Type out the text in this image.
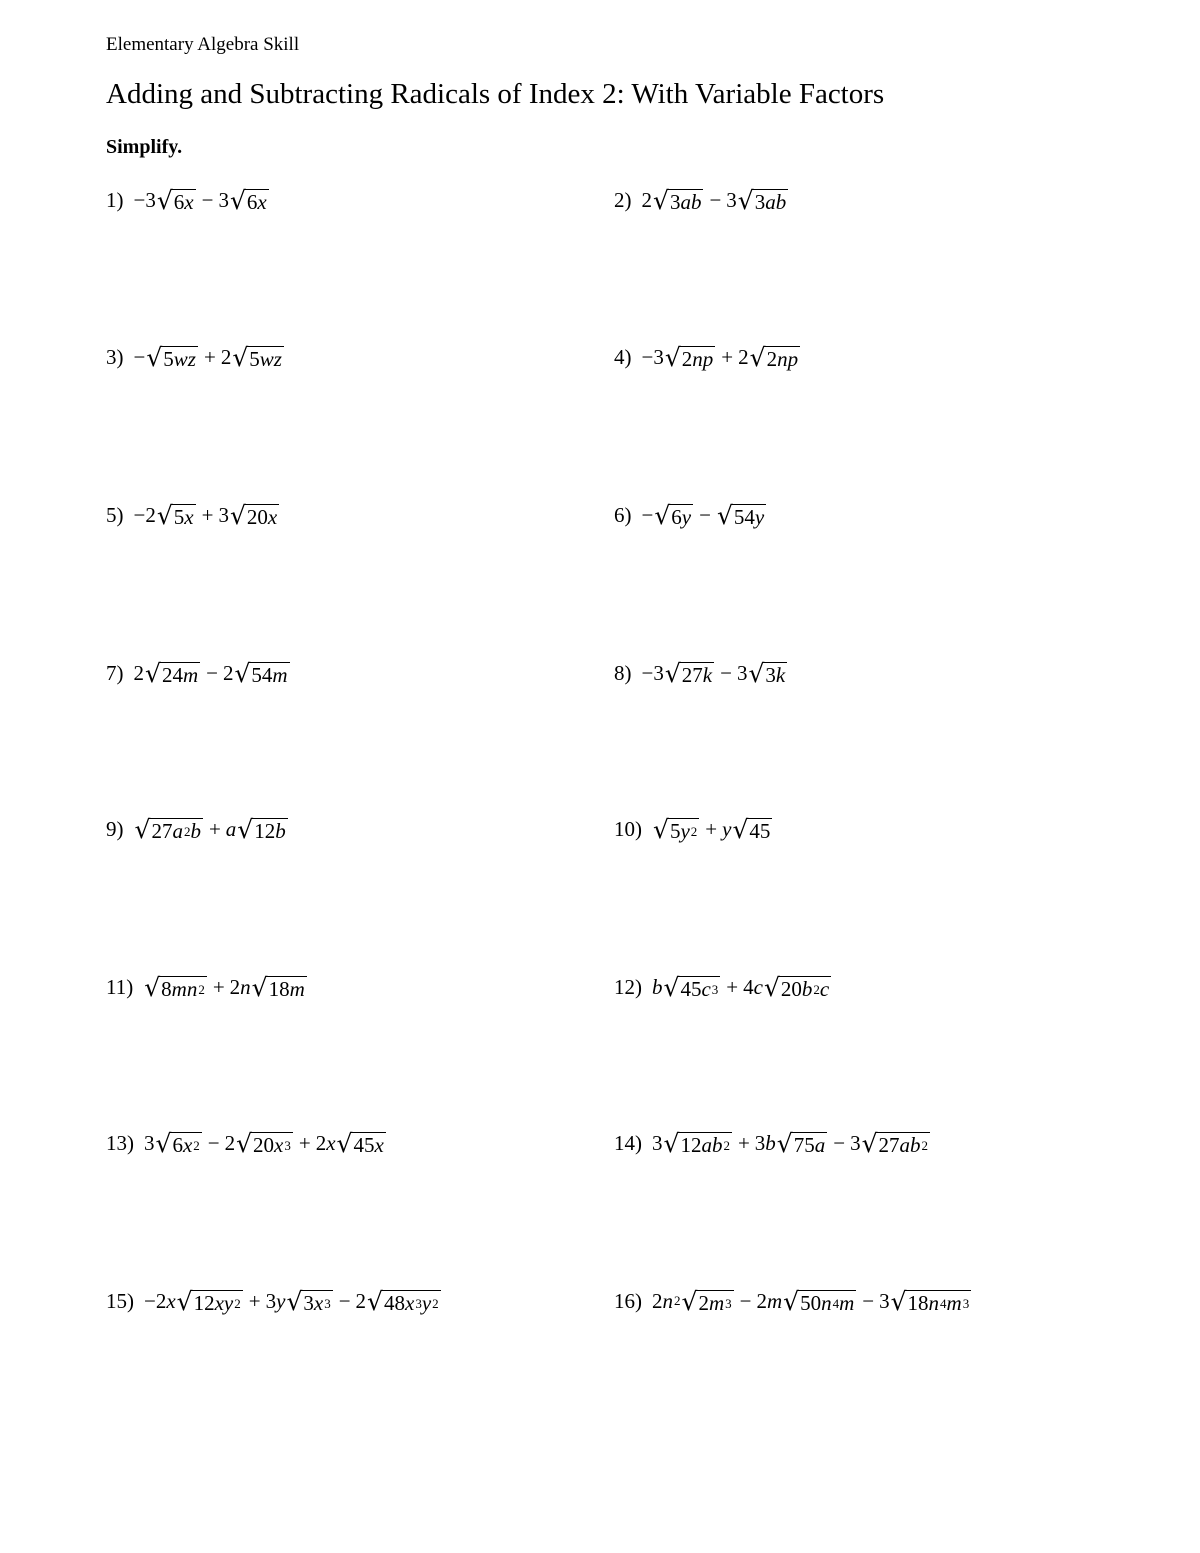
Elementary Algebra Skill
Adding and Subtracting Radicals of Index 2: With Variable Factors
Simplify.
1) −3 √ 6 x − 3 √ 6 x	2) 2 √ 3 ab − 3 √ 3 ab
3) − √ 5 wz + 2 √ 5 wz	4) −3 √ 2 np + 2 √ 2 np
5) −2 √ 5 x + 3 √ 20 x	6) − √ 6 y − √ 54 y
7) 2 √ 24 m − 2 √ 54 m	8) −3 √ 27 k − 3 √ 3 k
9) √ 27 a 2 b + a √ 12 b	10) √ 5 y 2 + y √ 45
11) √ 8 mn 2 + 2 n √ 18 m	12) b √ 45 c 3 + 4 c √ 20 b 2 c
13) 3 √ 6 x 2 − 2 √ 20 x 3 + 2 x √ 45 x	14) 3 √ 12 ab 2 + 3 b √ 75 a − 3 √ 27 ab 2
15) −2 x √ 12 xy 2 + 3 y √ 3 x 3 − 2 √ 48 x 3 y 2	16) 2 n 2 √ 2 m 3 − 2 m √ 50 n 4 m − 3 √ 18 n 4 m 3
